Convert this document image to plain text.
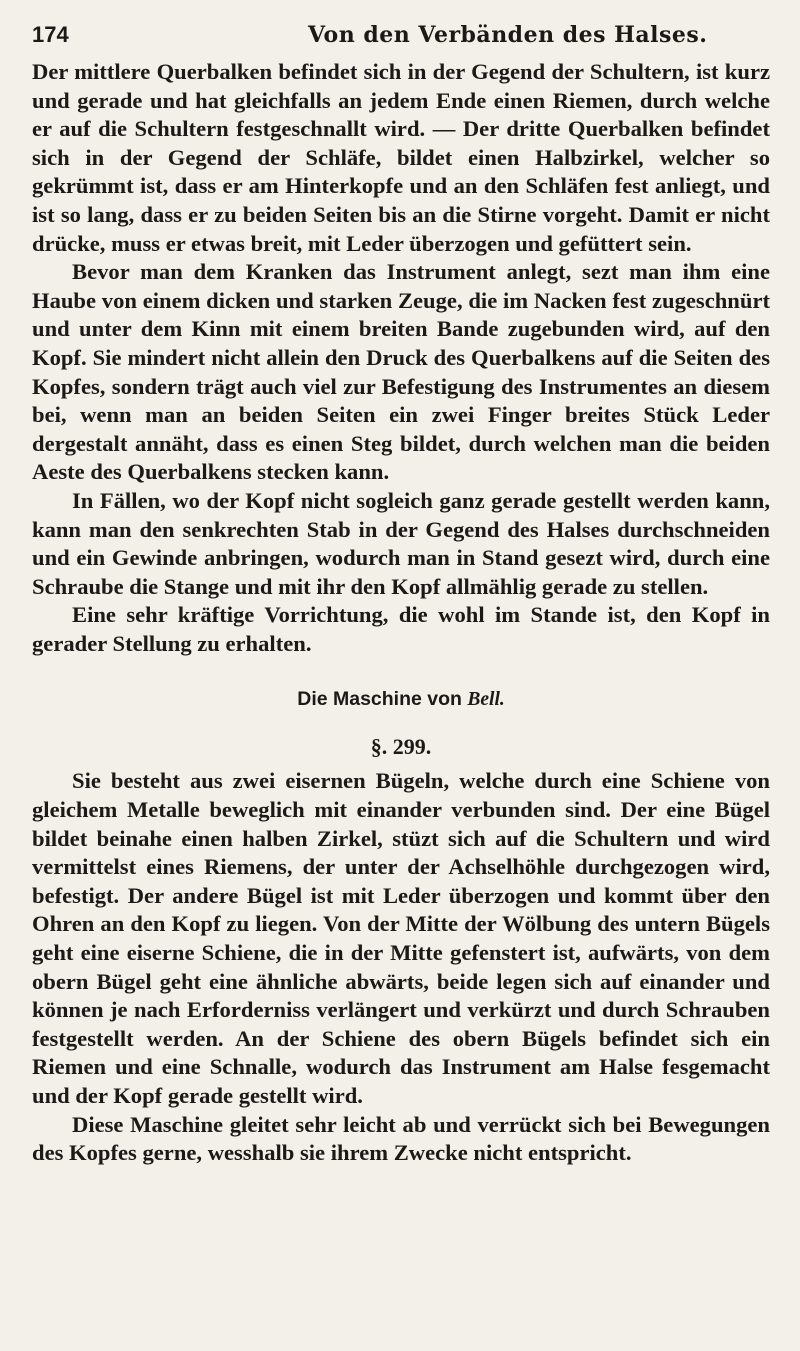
174	Von den Verbänden des Halses.

Der mittlere Querbalken befindet sich in der Gegend der Schultern, ist kurz und gerade und hat gleichfalls an jedem Ende einen Riemen, durch welche er auf die Schultern festgeschnallt wird. — Der dritte Querbalken befindet sich in der Gegend der Schläfe, bildet einen Halbzirkel, welcher so gekrümmt ist, dass er am Hinterkopfe und an den Schläfen fest anliegt, und ist so lang, dass er zu beiden Seiten bis an die Stirne vorgeht. Damit er nicht drücke, muss er etwas breit, mit Leder überzogen und gefüttert sein.

Bevor man dem Kranken das Instrument anlegt, sezt man ihm eine Haube von einem dicken und starken Zeuge, die im Nacken fest zugeschnürt und unter dem Kinn mit einem breiten Bande zugebunden wird, auf den Kopf. Sie mindert nicht allein den Druck des Querbalkens auf die Seiten des Kopfes, sondern trägt auch viel zur Befestigung des Instrumentes an diesem bei, wenn man an beiden Seiten ein zwei Finger breites Stück Leder dergestalt annäht, dass es einen Steg bildet, durch welchen man die beiden Aeste des Querbalkens stecken kann.

In Fällen, wo der Kopf nicht sogleich ganz gerade gestellt werden kann, kann man den senkrechten Stab in der Gegend des Halses durchschneiden und ein Gewinde anbringen, wodurch man in Stand gesezt wird, durch eine Schraube die Stange und mit ihr den Kopf allmählig gerade zu stellen.

Eine sehr kräftige Vorrichtung, die wohl im Stande ist, den Kopf in gerader Stellung zu erhalten.

Die Maschine von Bell.
§. 299.

Sie besteht aus zwei eisernen Bügeln, welche durch eine Schiene von gleichem Metalle beweglich mit einander verbunden sind. Der eine Bügel bildet beinahe einen halben Zirkel, stüzt sich auf die Schultern und wird vermittelst eines Riemens, der unter der Achselhöhle durchgezogen wird, befestigt. Der andere Bügel ist mit Leder überzogen und kommt über den Ohren an den Kopf zu liegen. Von der Mitte der Wölbung des untern Bügels geht eine eiserne Schiene, die in der Mitte gefenstert ist, aufwärts, von dem obern Bügel geht eine ähnliche abwärts, beide legen sich auf einander und können je nach Erforderniss verlängert und verkürzt und durch Schrauben festgestellt werden. An der Schiene des obern Bügels befindet sich ein Riemen und eine Schnalle, wodurch das Instrument am Halse fesgemacht und der Kopf gerade gestellt wird.

Diese Maschine gleitet sehr leicht ab und verrückt sich bei Bewegungen des Kopfes gerne, wesshalb sie ihrem Zwecke nicht entspricht.
